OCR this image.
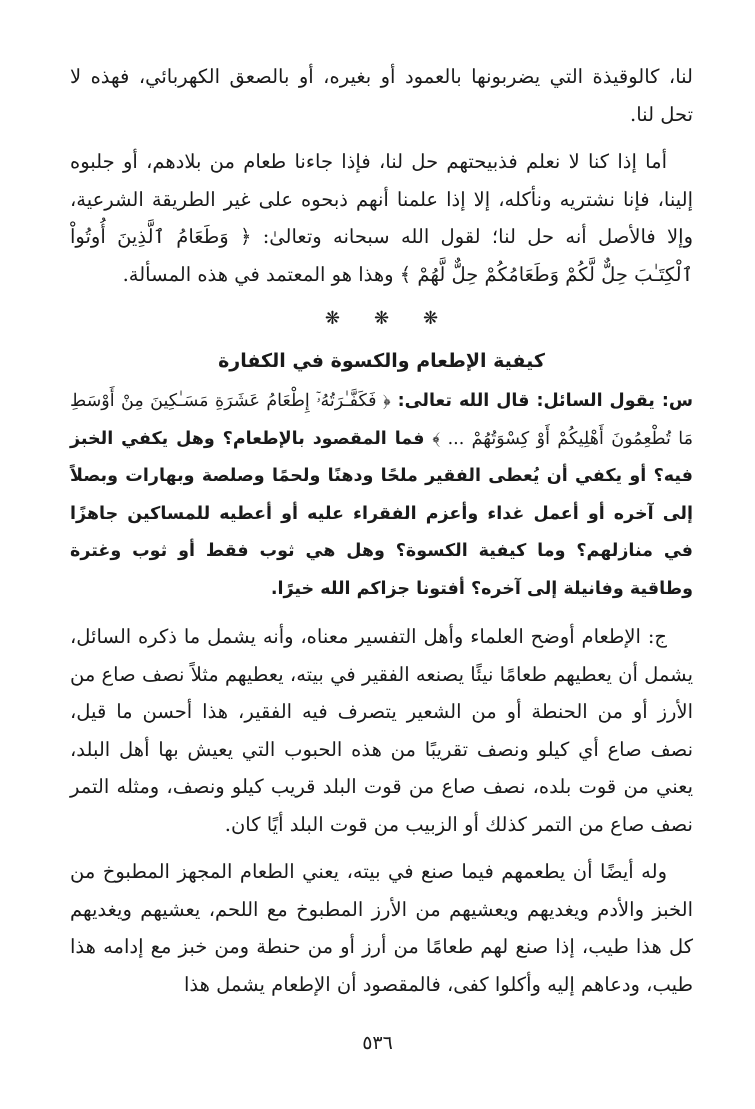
لنا، كالوقيذة التي يضربونها بالعمود أو بغيره، أو بالصعق الكهربائي، فهذه لا تحل لنا.

أما إذا كنا لا نعلم فذبيحتهم حل لنا، فإذا جاءنا طعام من بلادهم، أو جلبوه إلينا، فإنا نشتريه ونأكله، إلا إذا علمنا أنهم ذبحوه على غير الطريقة الشرعية، وإلا فالأصل أنه حل لنا؛ لقول الله سبحانه وتعالىٰ: ﴿ وَطَعَامُ ٱلَّذِينَ أُوتُواْ ٱلْكِتَـٰبَ حِلٌّ لَّكُمْ وَطَعَامُكُمْ حِلٌّ لَّهُمْ ﴾ وهذا هو المعتمد في هذه المسألة.

❋ ❋ ❋
كيفية الإطعام والكسوة في الكفارة

س: يقول السائل: قال الله تعالى: ﴿ فَكَفَّـٰرَتُهُۥٓ إِطْعَامُ عَشَرَةِ مَسَـٰكِينَ مِنْ أَوْسَطِ مَا تُطْعِمُونَ أَهْلِيكُمْ أَوْ كِسْوَتُهُمْ ... ﴾ فما المقصود بالإطعام؟ وهل يكفي الخبز فيه؟ أو يكفي أن يُعطى الفقير ملحًا ودهنًا ولحمًا وصلصة وبهارات وبصلاً إلى آخره أو أعمل غداء وأعزم الفقراء عليه أو أعطيه للمساكين جاهزًا في منازلهم؟ وما كيفية الكسوة؟ وهل هي ثوب فقط أو ثوب وغترة وطاقية وفانيلة إلى آخره؟ أفتونا جزاكم الله خيرًا.

ج: الإطعام أوضح العلماء وأهل التفسير معناه، وأنه يشمل ما ذكره السائل، يشمل أن يعطيهم طعامًا نيئًا يصنعه الفقير في بيته، يعطيهم مثلاً نصف صاع من الأرز أو من الحنطة أو من الشعير يتصرف فيه الفقير، هذا أحسن ما قيل، نصف صاع أي كيلو ونصف تقريبًا من هذه الحبوب التي يعيش بها أهل البلد، يعني من قوت بلده، نصف صاع من قوت البلد قريب كيلو ونصف، ومثله التمر نصف صاع من التمر كذلك أو الزبيب من قوت البلد أيًا كان.

وله أيضًا أن يطعمهم فيما صنع في بيته، يعني الطعام المجهز المطبوخ من الخبز والأدم ويغديهم ويعشيهم من الأرز المطبوخ مع اللحم، يعشيهم ويغديهم كل هذا طيب، إذا صنع لهم طعامًا من أرز أو من حنطة ومن خبز مع إدامه هذا طيب، ودعاهم إليه وأكلوا كفى، فالمقصود أن الإطعام يشمل هذا

٥٣٦
